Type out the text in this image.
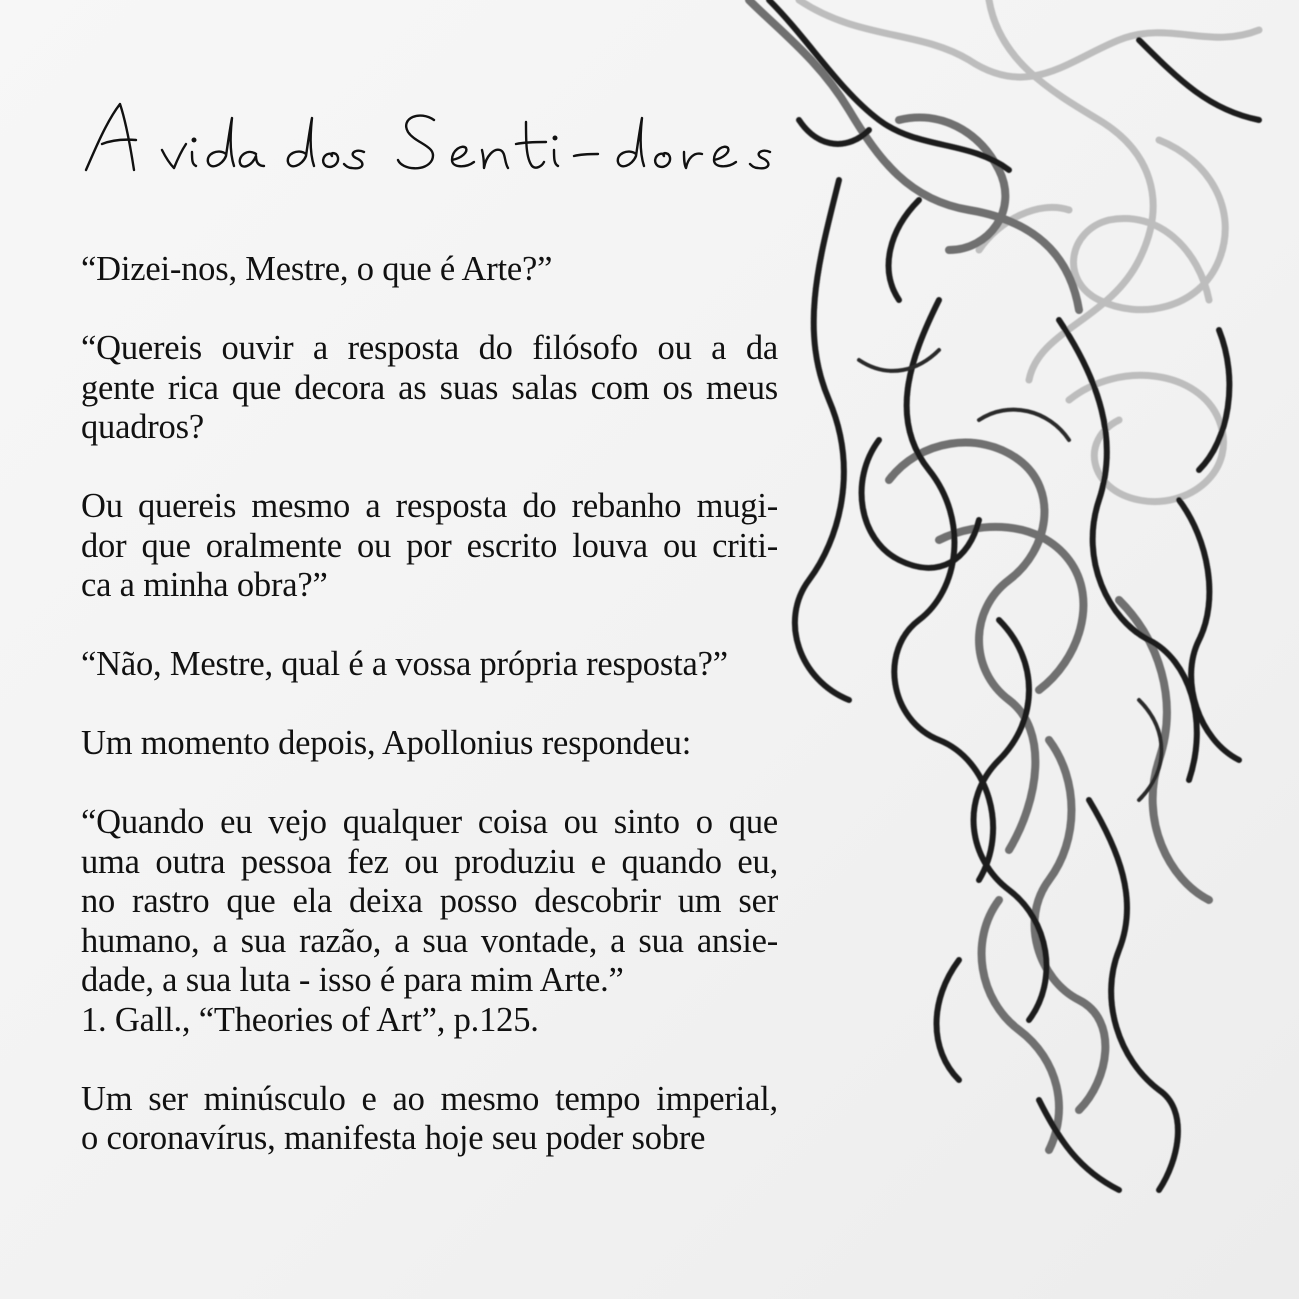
“Dizei-nos, Mestre, o que é Arte?”

“Quereis ouvir a resposta do filósofo ou a da
gente rica que decora as suas salas com os meus
quadros?

Ou quereis mesmo a resposta do rebanho mugi-
dor que oralmente ou por escrito louva ou criti-
ca a minha obra?”

“Não, Mestre, qual é a vossa própria resposta?”

Um momento depois, Apollonius respondeu:

“Quando eu vejo qualquer coisa ou sinto o que
uma outra pessoa fez ou produziu e quando eu,
no rastro que ela deixa posso descobrir um ser
humano, a sua razão, a sua vontade, a sua ansie-
dade, a sua luta - isso é para mim Arte.”

1. Gall., “Theories of Art”, p.125.

Um ser minúsculo e ao mesmo tempo imperial,
o coronavírus, manifesta hoje seu poder sobre
